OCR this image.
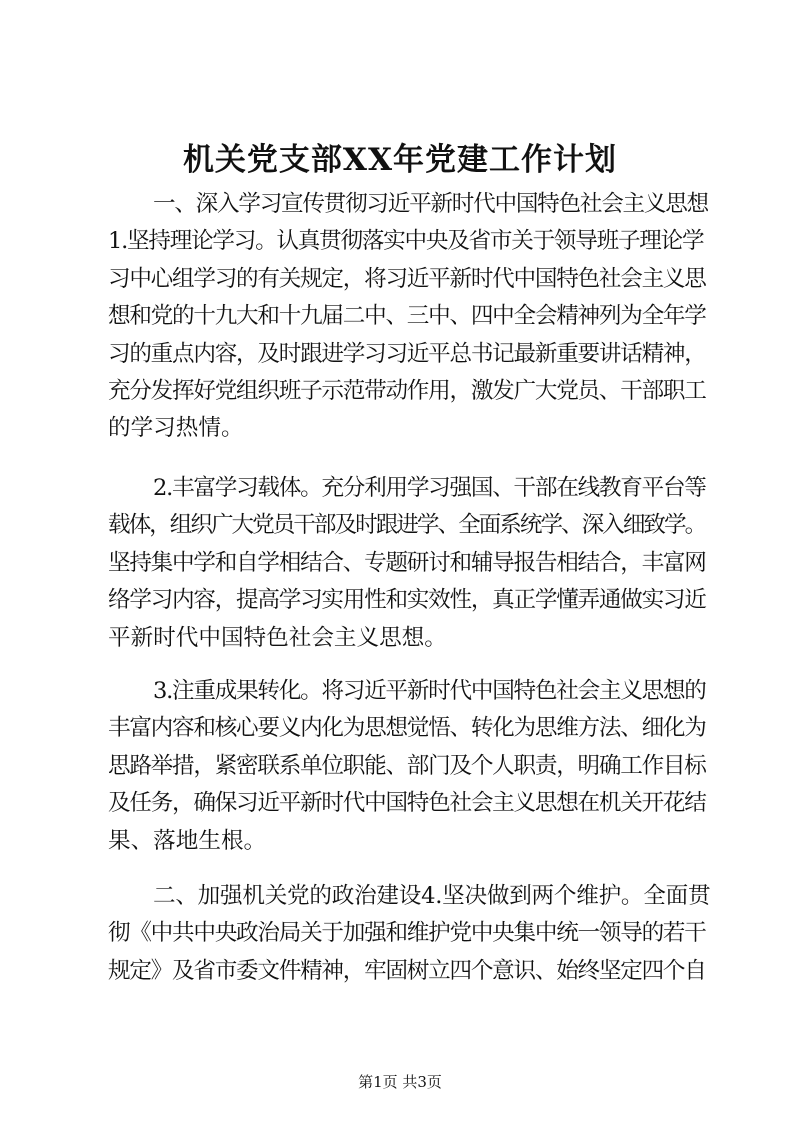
机关党支部XX年党建工作计划
一、深入学习宣传贯彻习近平新时代中国特色社会主义思想
1.坚持理论学习。认真贯彻落实中央及省市关于领导班子理论学
习中心组学习的有关规定，将习近平新时代中国特色社会主义思
想和党的十九大和十九届二中、三中、四中全会精神列为全年学
习的重点内容，及时跟进学习习近平总书记最新重要讲话精神，
充分发挥好党组织班子示范带动作用，激发广大党员、干部职工
的学习热情。
2.丰富学习载体。充分利用学习强国、干部在线教育平台等
载体，组织广大党员干部及时跟进学、全面系统学、深入细致学。
坚持集中学和自学相结合、专题研讨和辅导报告相结合，丰富网
络学习内容，提高学习实用性和实效性，真正学懂弄通做实习近
平新时代中国特色社会主义思想。
3.注重成果转化。将习近平新时代中国特色社会主义思想的
丰富内容和核心要义内化为思想觉悟、转化为思维方法、细化为
思路举措，紧密联系单位职能、部门及个人职责，明确工作目标
及任务，确保习近平新时代中国特色社会主义思想在机关开花结
果、落地生根。
二、加强机关党的政治建设4.坚决做到两个维护。全面贯
彻《中共中央政治局关于加强和维护党中央集中统一领导的若干
规定》及省市委文件精神，牢固树立四个意识、始终坚定四个自
第1页 共3页
